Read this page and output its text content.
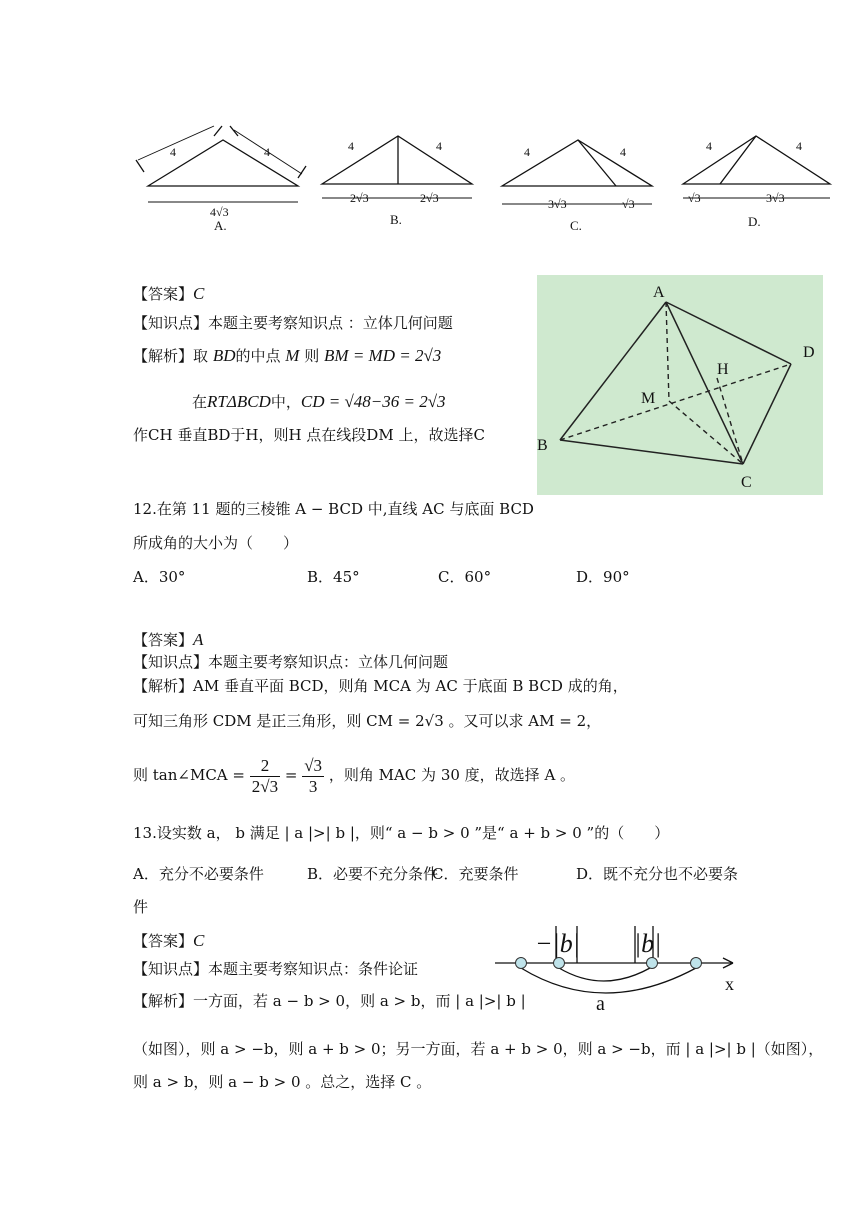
4	4
4√3
A.
4	4
2√3	2√3
B.
4	4
3√3	√3
C.
4	4
√3	3√3
D.
【答案】C
【知识点】本题主要考察知识点 ：立体几何问题
【解析】取 BD的中点 M 则 BM = MD = 2√3
在RTΔBCD中，CD = √48−36 = 2√3
作CH 垂直BD于H，则H 点在线段DM 上，故选择C
A
B
C
D
H
M
12.在第 11 题的三棱锥 A − BCD 中,直线 AC 与底面 BCD
所成角的大小为（　　）
A．30°	B．45°	C．60°	D．90°
【答案】A
【知识点】本题主要考察知识点：立体几何问题
【解析】AM 垂直平面 BCD，则角 MCA 为 AC 于底面 B BCD 成的角，
可知三角形 CDM 是正三角形，则 CM = 2√3 。又可以求 AM = 2，
则 tan∠MCA = $\frac{2}{2√3} = \frac{√3}{3}$ ，则角 MAC 为 30 度，故选择 A 。
13.设实数 a， b 满足 | a |>| b |，则“ a − b > 0 ”是“ a + b > 0 ”的（　　）
A．充分不必要条件	B．必要不充分条件
C．充要条件	D．既不充分也不必要条
件
【答案】C
【知识点】本题主要考察知识点：条件论证
【解析】一方面，若 a − b > 0，则 a > b，而 | a |>| b |
（如图），则 a > −b，则 a + b > 0；另一方面，若 a + b > 0，则 a > −b，而 | a |>| b |（如图），
则 a > b，则 a − b > 0 。总之，选择 C 。
−|b| |b|
x
a
